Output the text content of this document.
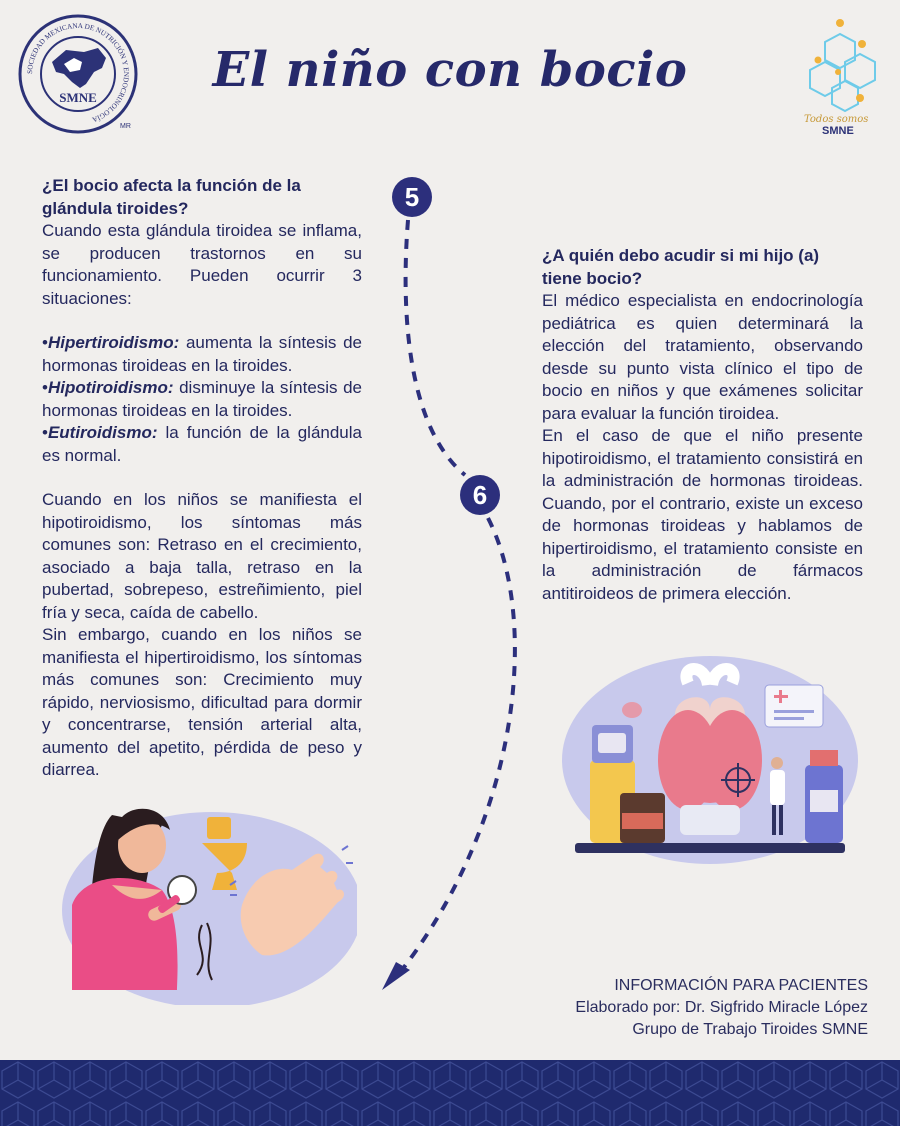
SOCIEDAD MEXICANA DE NUTRICIÓN Y ENDOCRINOLOGÍA
SMNE
MR
El niño con bocio
Todos somos
SMNE

¿El bocio afecta la función de la glándula tiroides?

Cuando esta glándula tiroidea se inflama, se producen trastornos en su funcionamiento. Pueden ocurrir 3 situaciones:

•Hipertiroidismo: aumenta la síntesis de hormonas tiroideas en la tiroides.

•Hipotiroidismo: disminuye la síntesis de hormonas tiroideas en la tiroides.

•Eutiroidismo: la función de la glándula es normal.

Cuando en los niños se manifiesta el hipotiroidismo, los síntomas más comunes son: Retraso en el crecimiento, asociado a baja talla, retraso en la pubertad, sobrepeso, estreñimiento, piel fría y seca, caída de cabello.

Sin embargo, cuando en los niños se manifiesta el hipertiroidismo, los síntomas más comunes son: Crecimiento muy rápido, nerviosismo, dificultad para dormir y concentrarse, tensión arterial alta, aumento del apetito, pérdida de peso y diarrea.

5
6

¿A quién debo acudir si mi hijo (a) tiene bocio?

El médico especialista en endocrinología pediátrica es quien determinará la elección del tratamiento, observando desde su punto vista clínico el tipo de bocio en niños y que exámenes solicitar para evaluar la función tiroidea.

En el caso de que el niño presente hipotiroidismo, el tratamiento consistirá en la administración de hormonas tiroideas. Cuando, por el contrario, existe un exceso de hormonas tiroideas y hablamos de hipertiroidismo, el tratamiento consiste en la administración de fármacos antitiroideos de primera elección.

INFORMACIÓN PARA PACIENTES
Elaborado por: Dr. Sigfrido Miracle López
Grupo de Trabajo Tiroides SMNE
